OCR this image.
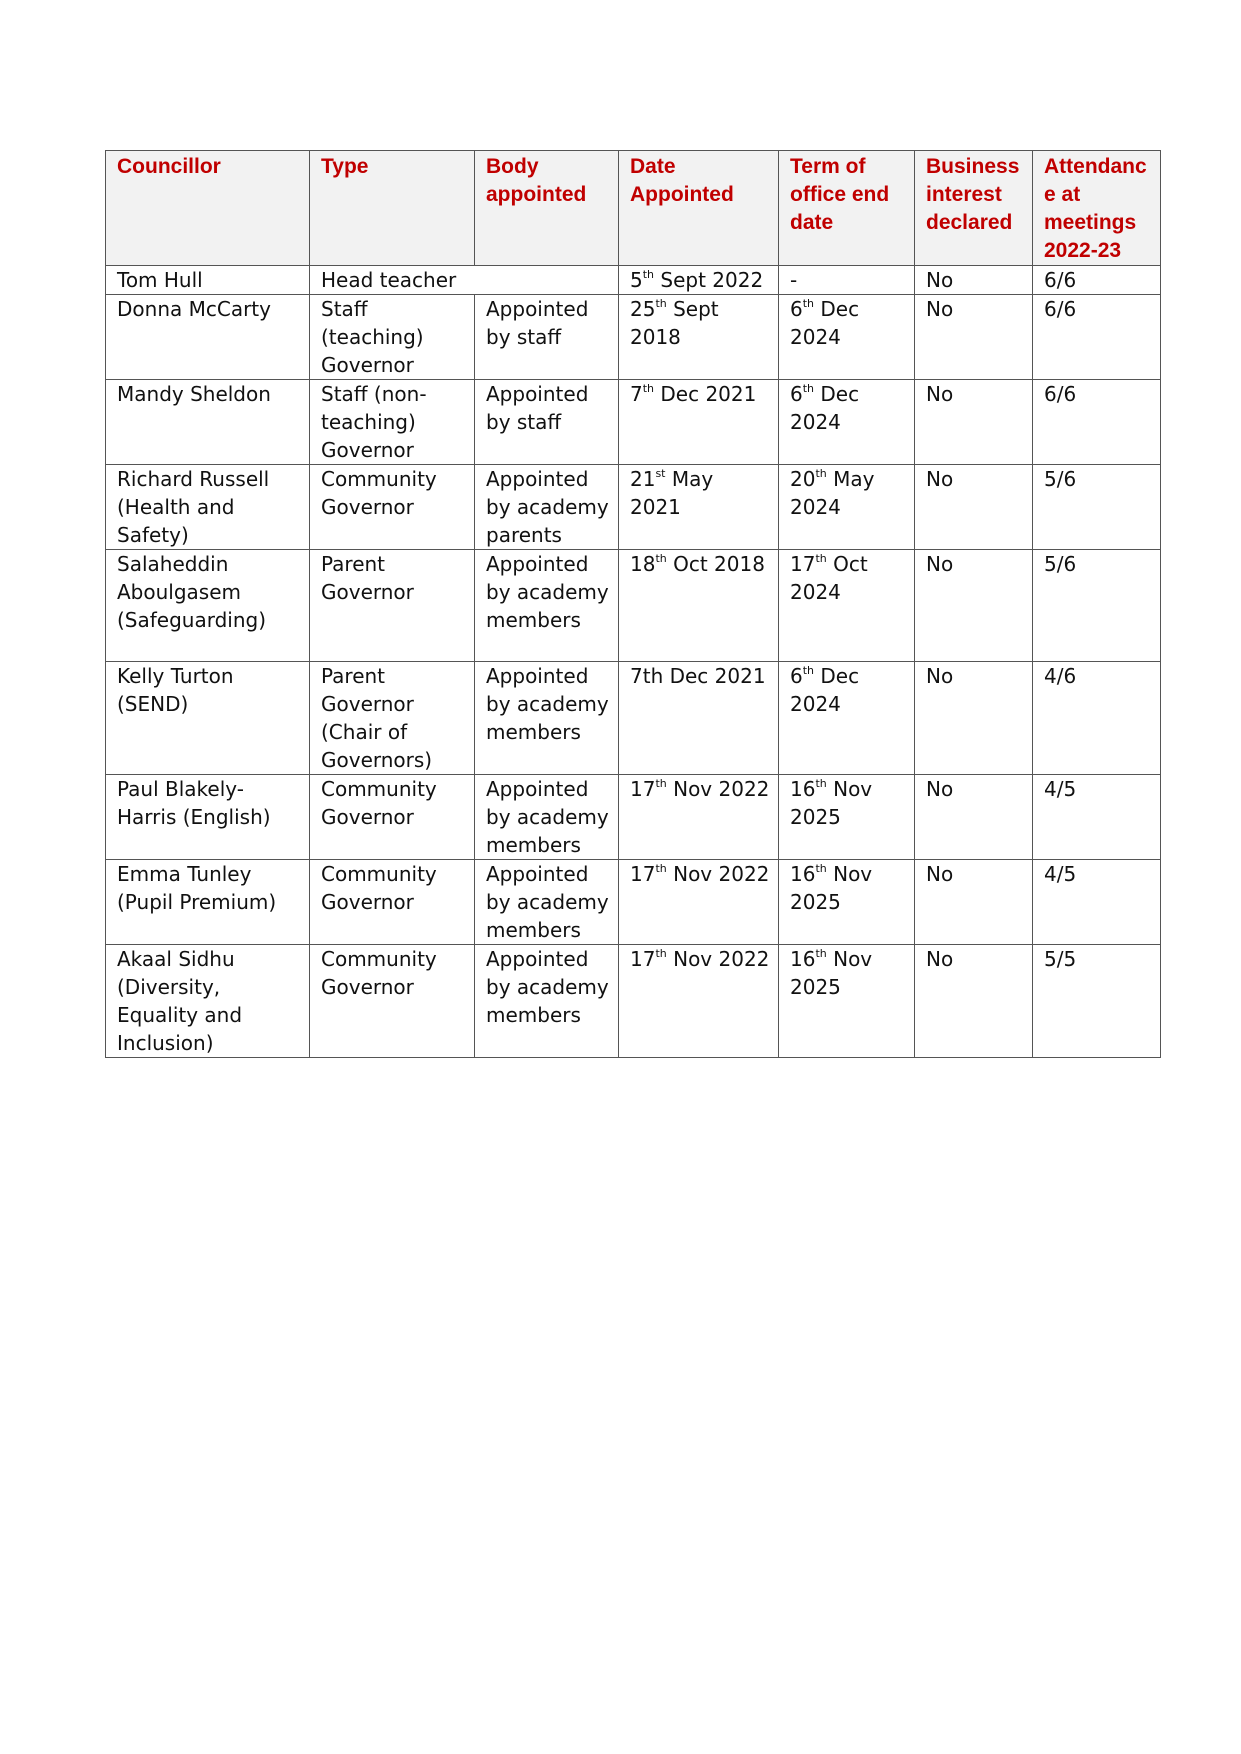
Councillor	Type	Body appointed	Date Appointed	Term of office end date	Business interest declared	Attendance at meetings 2022-23
Tom Hull	Head teacher		5th Sept 2022	-	No	6/6
Donna McCarty	Staff (teaching) Governor	Appointed by staff	25th Sept 2018	6th Dec 2024	No	6/6
Mandy Sheldon	Staff (non-teaching) Governor	Appointed by staff	7th Dec 2021	6th Dec 2024	No	6/6
Richard Russell (Health and Safety)	Community Governor	Appointed by academy parents	21st May 2021	20th May 2024	No	5/6
Salaheddin Aboulgasem (Safeguarding)	Parent Governor	Appointed by academy members	18th Oct 2018	17th Oct 2024	No	5/6
Kelly Turton (SEND)	Parent Governor (Chair of Governors)	Appointed by academy members	7th Dec 2021	6th Dec 2024	No	4/6
Paul Blakely-Harris (English)	Community Governor	Appointed by academy members	17th Nov 2022	16th Nov 2025	No	4/5
Emma Tunley (Pupil Premium)	Community Governor	Appointed by academy members	17th Nov 2022	16th Nov 2025	No	4/5
Akaal Sidhu (Diversity, Equality and Inclusion)	Community Governor	Appointed by academy members	17th Nov 2022	16th Nov 2025	No	5/5
